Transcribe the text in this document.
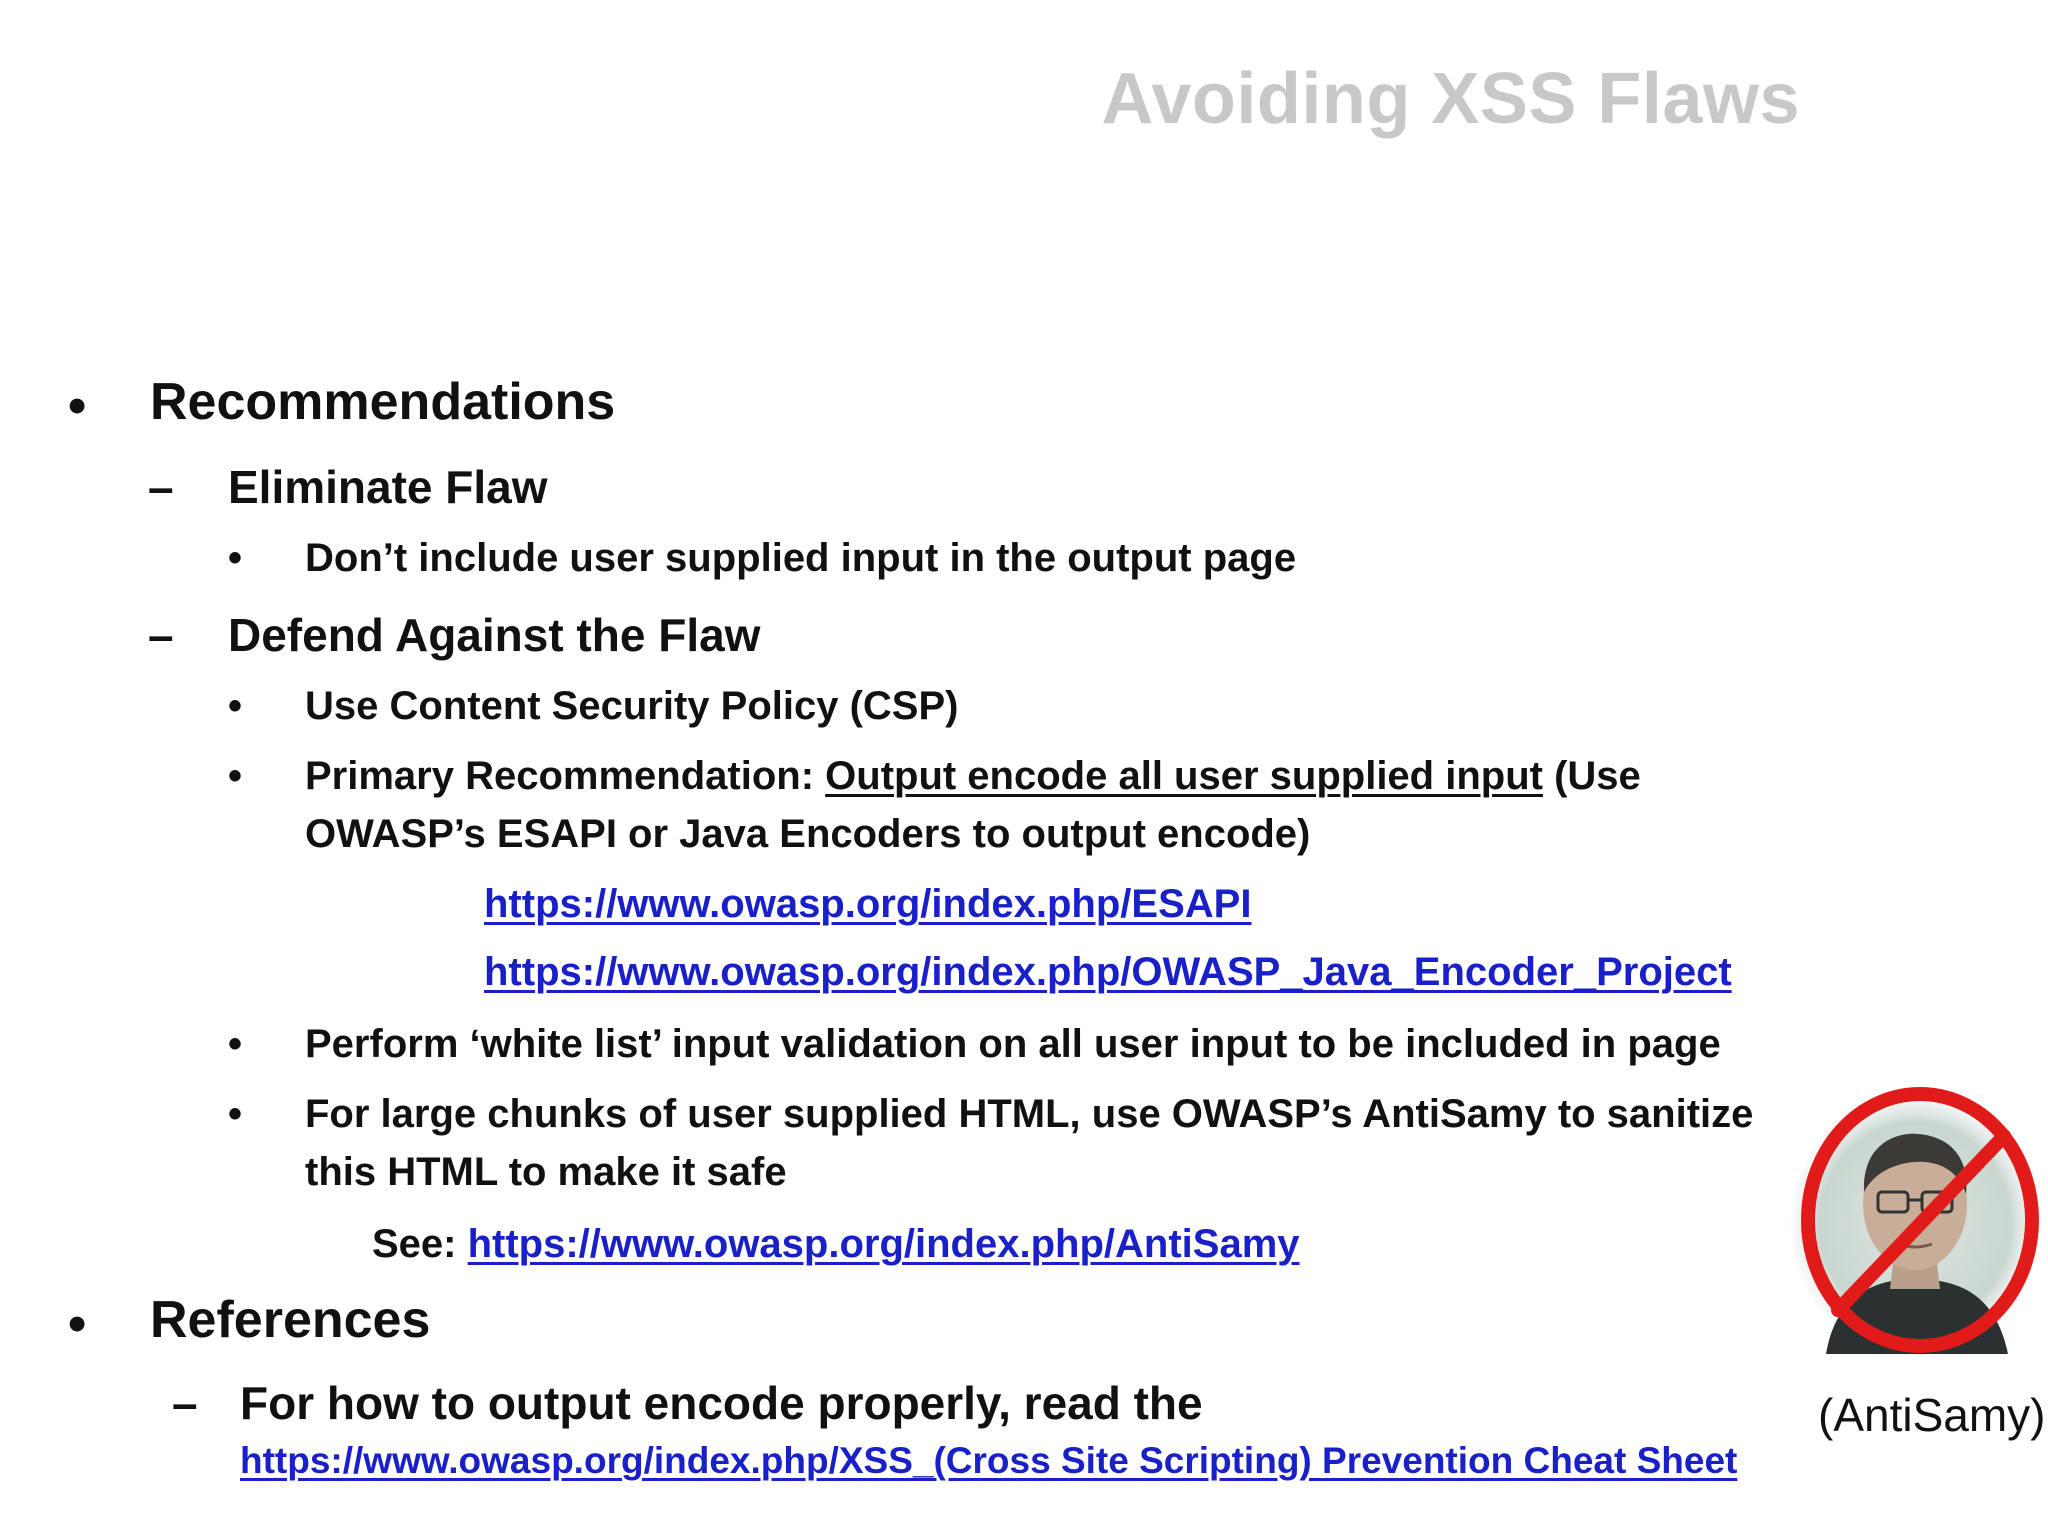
Avoiding XSS Flaws
• Recommendations
– Eliminate Flaw
• Don’t include user supplied input in the output page
– Defend Against the Flaw
• Use Content Security Policy (CSP)
• Primary Recommendation: Output encode all user supplied input (Use
OWASP’s ESAPI or Java Encoders to output encode)
https://www.owasp.org/index.php/ESAPI
https://www.owasp.org/index.php/OWASP_Java_Encoder_Project
• Perform ‘white list’ input validation on all user input to be included in page
• For large chunks of user supplied HTML, use OWASP’s AntiSamy to sanitize
this HTML to make it safe
See: https://www.owasp.org/index.php/AntiSamy
• References
– For how to output encode properly, read the
https://www.owasp.org/index.php/XSS_(Cross Site Scripting) Prevention Cheat Sheet
(AntiSamy)
